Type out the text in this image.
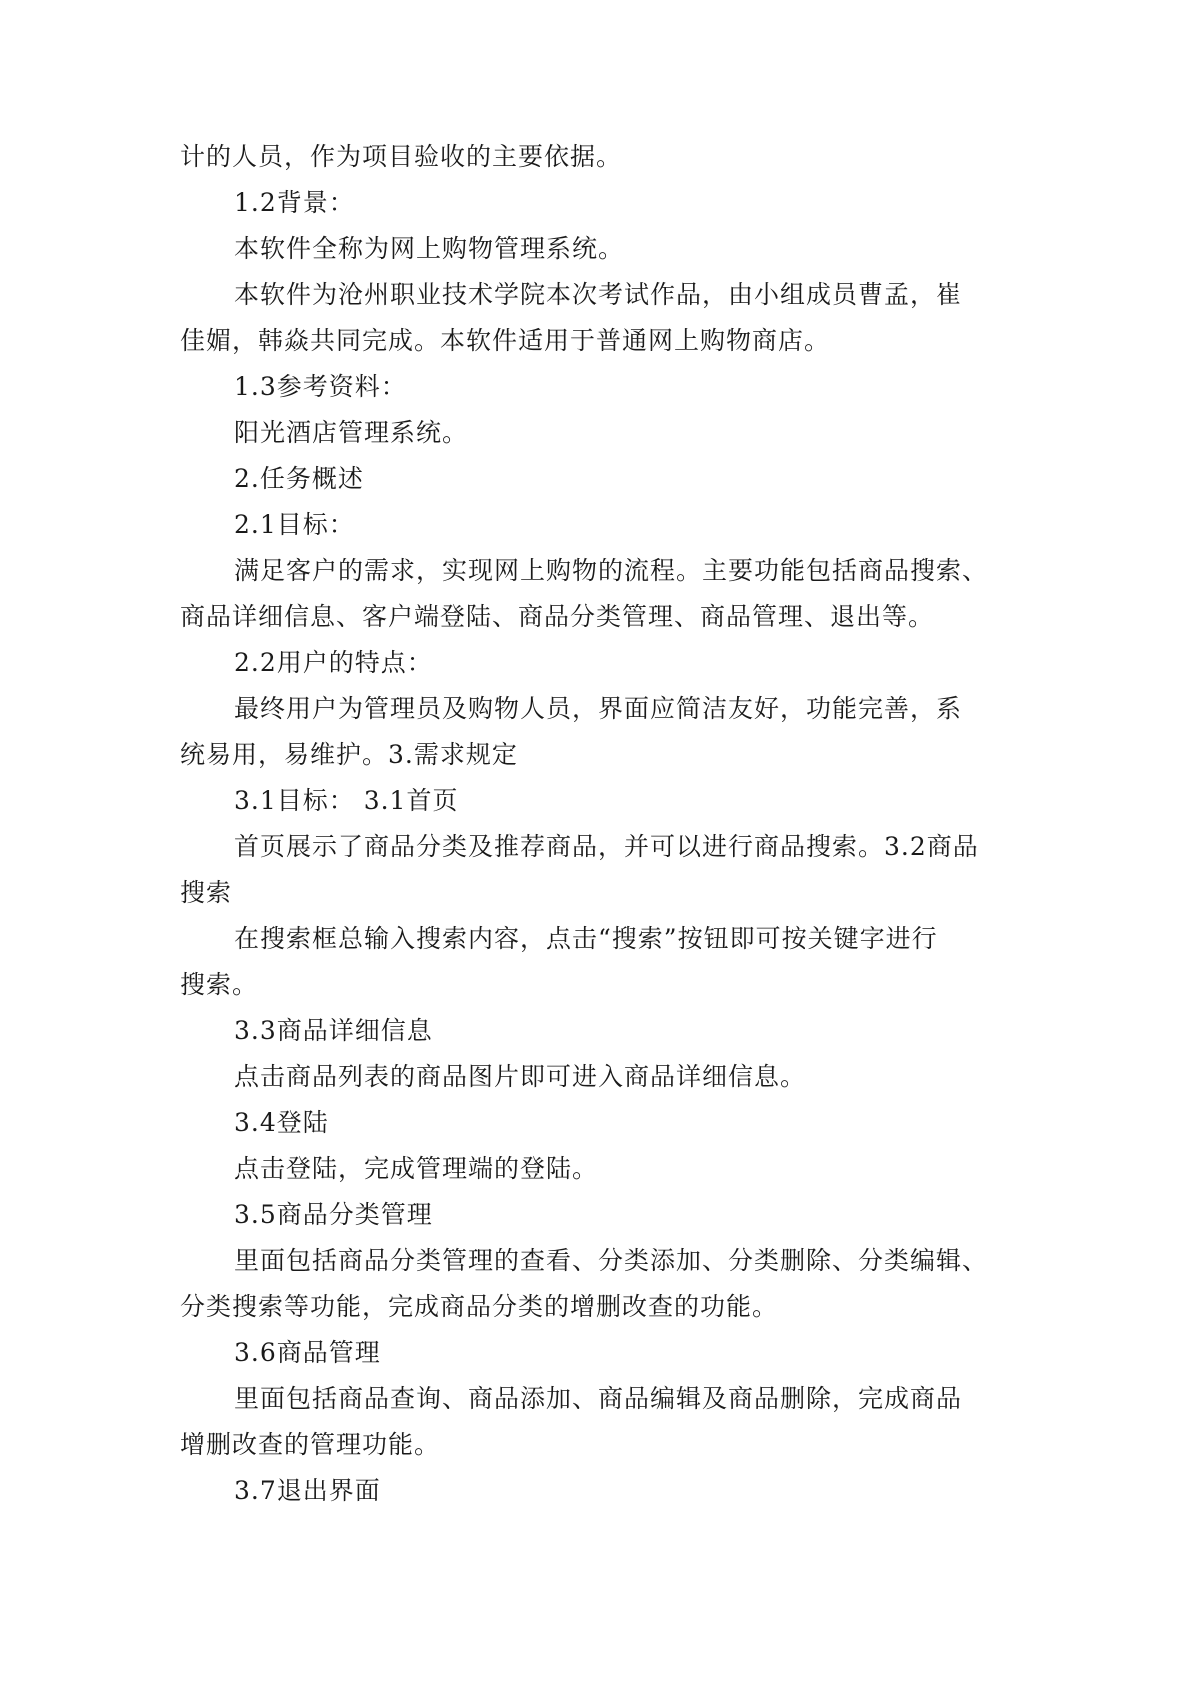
计的人员，作为项目验收的主要依据。
1.2背景：
本软件全称为网上购物管理系统。
本软件为沧州职业技术学院本次考试作品，由小组成员曹孟，崔
佳媚，韩焱共同完成。本软件适用于普通网上购物商店。
1.3参考资料：
阳光酒店管理系统。
2.任务概述
2.1目标：
满足客户的需求，实现网上购物的流程。主要功能包括商品搜索、
商品详细信息、客户端登陆、商品分类管理、商品管理、退出等。
2.2用户的特点：
最终用户为管理员及购物人员，界面应简洁友好，功能完善，系
统易用，易维护。3.需求规定
3.1目标： 3.1首页
首页展示了商品分类及推荐商品，并可以进行商品搜索。3.2商品
搜索
在搜索框总输入搜索内容，点击“搜索”按钮即可按关键字进行
搜索。
3.3商品详细信息
点击商品列表的商品图片即可进入商品详细信息。
3.4登陆
点击登陆，完成管理端的登陆。
3.5商品分类管理
里面包括商品分类管理的查看、分类添加、分类删除、分类编辑、
分类搜索等功能，完成商品分类的增删改查的功能。
3.6商品管理
里面包括商品查询、商品添加、商品编辑及商品删除，完成商品
增删改查的管理功能。
3.7退出界面
